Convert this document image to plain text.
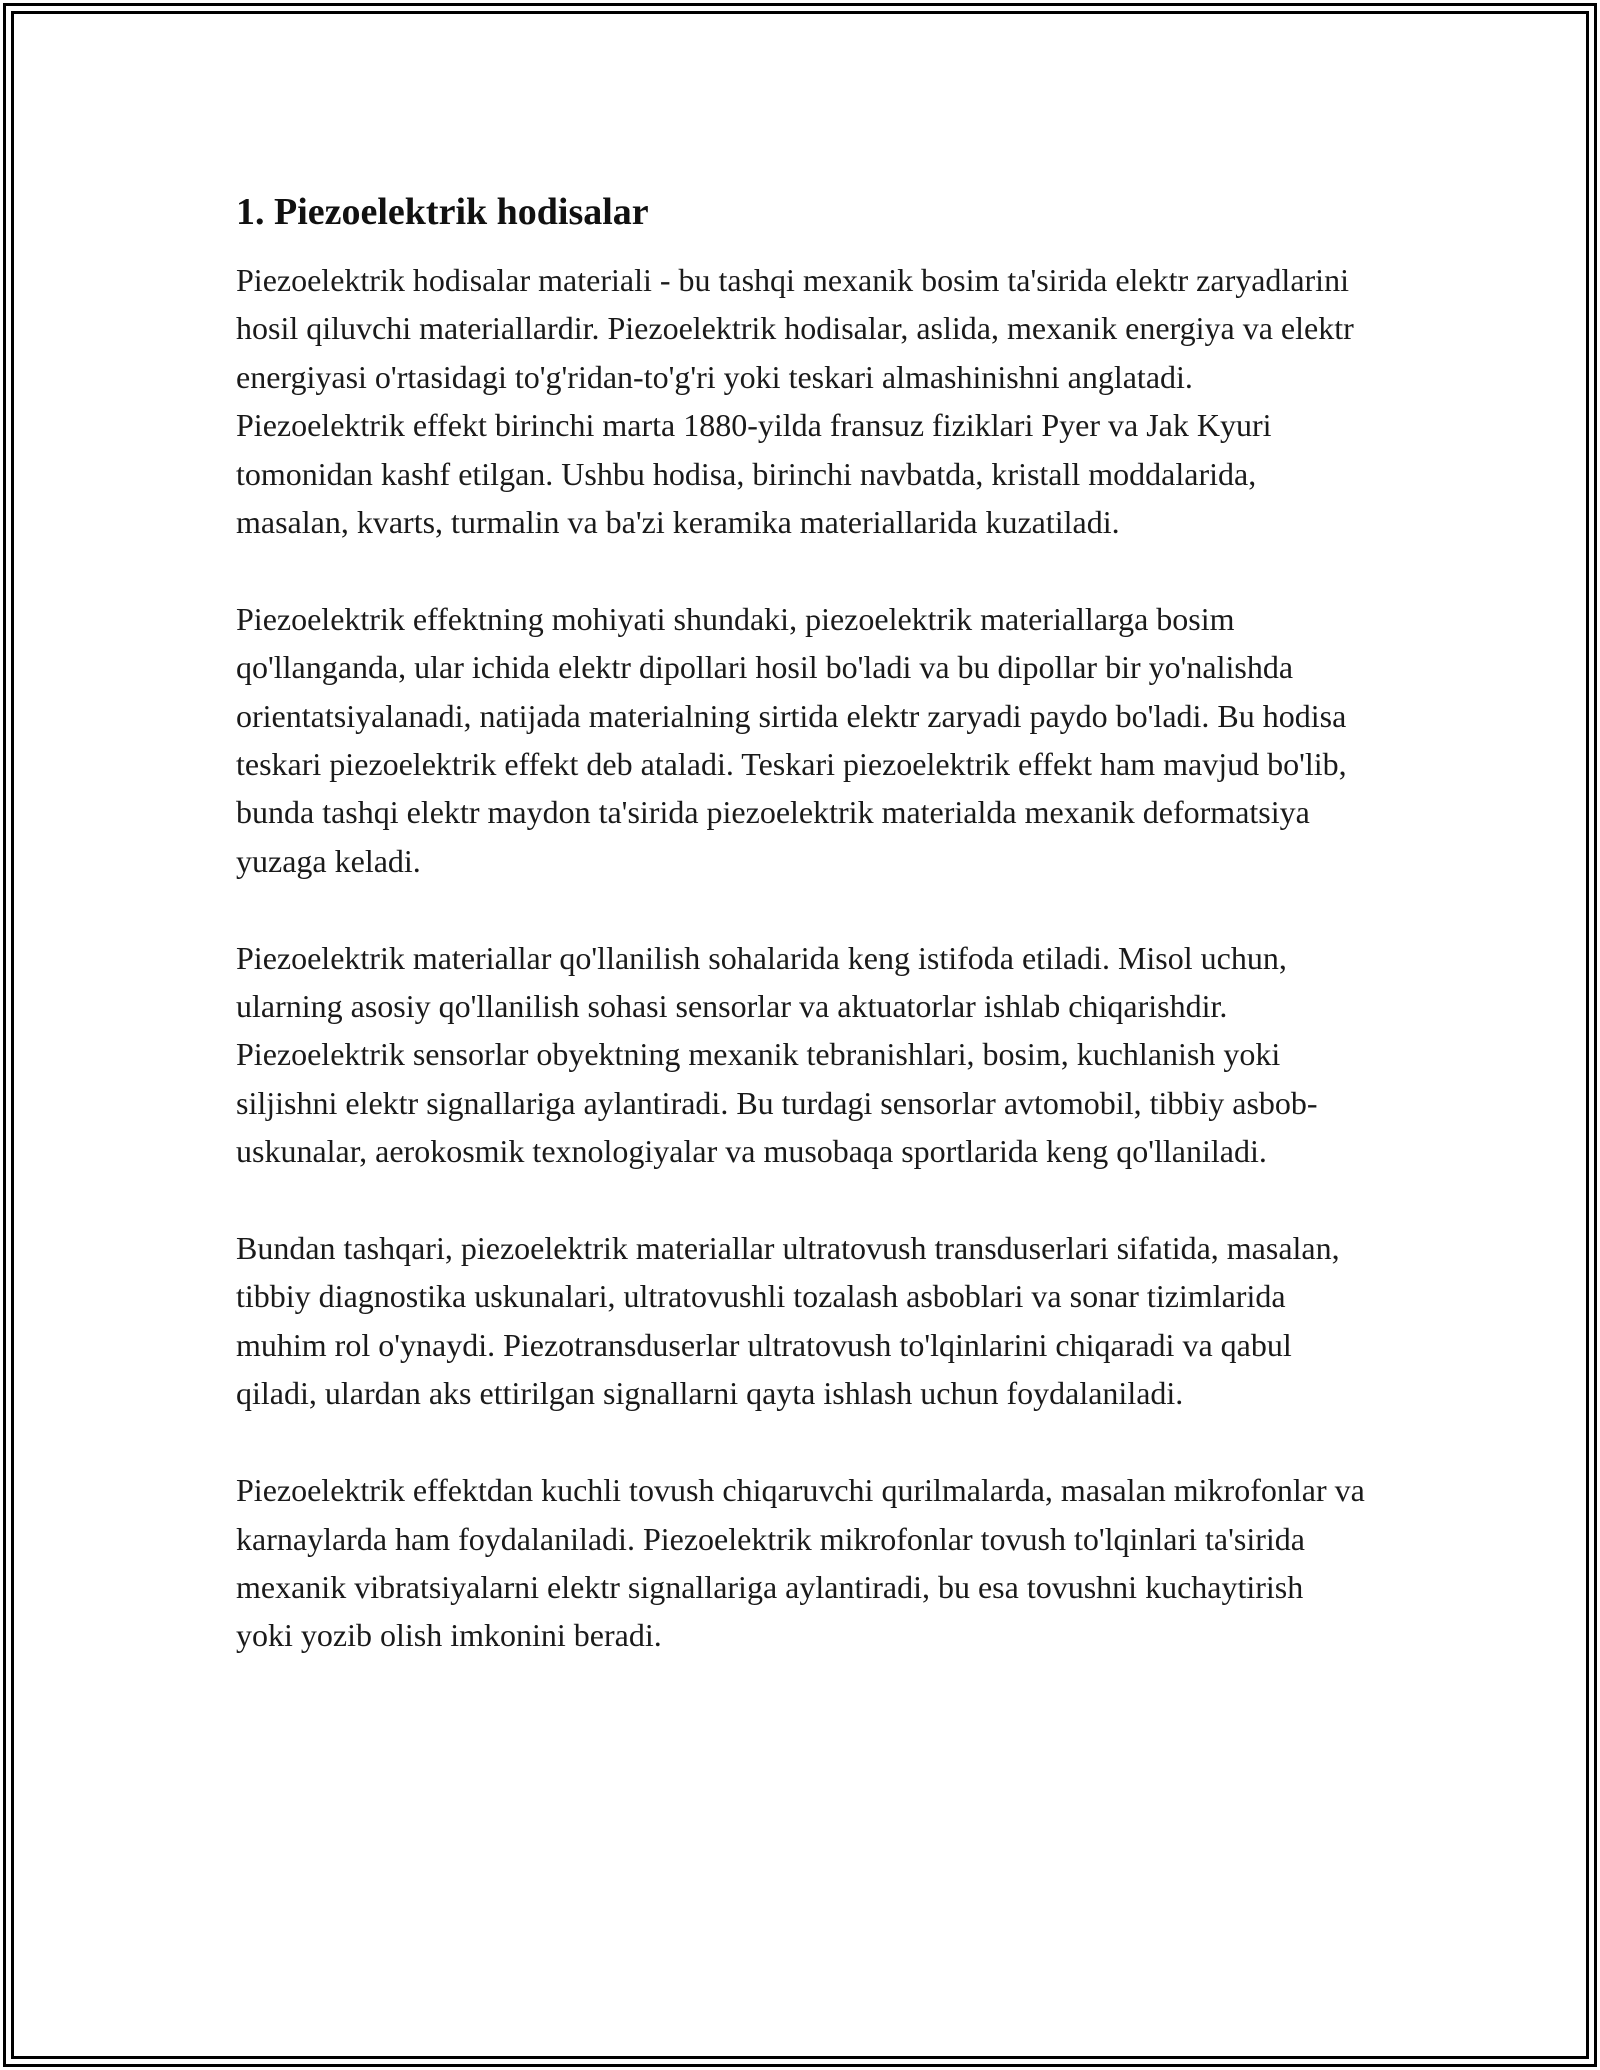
1. Piezoelektrik hodisalar

Piezoelektrik hodisalar materiali - bu tashqi mexanik bosim ta'sirida elektr zaryadlarini hosil qiluvchi materiallardir. Piezoelektrik hodisalar, aslida, mexanik energiya va elektr energiyasi o'rtasidagi to'g'ridan-to'g'ri yoki teskari almashinishni anglatadi. Piezoelektrik effekt birinchi marta 1880-yilda fransuz fiziklari Pyer va Jak Kyuri tomonidan kashf etilgan. Ushbu hodisa, birinchi navbatda, kristall moddalarida, masalan, kvarts, turmalin va ba'zi keramika materiallarida kuzatiladi.

Piezoelektrik effektning mohiyati shundaki, piezoelektrik materiallarga bosim qo'llanganda, ular ichida elektr dipollari hosil bo'ladi va bu dipollar bir yo'nalishda orientatsiyalanadi, natijada materialning sirtida elektr zaryadi paydo bo'ladi. Bu hodisa teskari piezoelektrik effekt deb ataladi. Teskari piezoelektrik effekt ham mavjud bo'lib, bunda tashqi elektr maydon ta'sirida piezoelektrik materialda mexanik deformatsiya yuzaga keladi.

Piezoelektrik materiallar qo'llanilish sohalarida keng istifoda etiladi. Misol uchun, ularning asosiy qo'llanilish sohasi sensorlar va aktuatorlar ishlab chiqarishdir. Piezoelektrik sensorlar obyektning mexanik tebranishlari, bosim, kuchlanish yoki siljishni elektr signallariga aylantiradi. Bu turdagi sensorlar avtomobil, tibbiy asbob-uskunalar, aerokosmik texnologiyalar va musobaqa sportlarida keng qo'llaniladi.

Bundan tashqari, piezoelektrik materiallar ultratovush transduserlari sifatida, masalan, tibbiy diagnostika uskunalari, ultratovushli tozalash asboblari va sonar tizimlarida muhim rol o'ynaydi. Piezotransduserlar ultratovush to'lqinlarini chiqaradi va qabul qiladi, ulardan aks ettirilgan signallarni qayta ishlash uchun foydalaniladi.

Piezoelektrik effektdan kuchli tovush chiqaruvchi qurilmalarda, masalan mikrofonlar va karnaylarda ham foydalaniladi. Piezoelektrik mikrofonlar tovush to'lqinlari ta'sirida mexanik vibratsiyalarni elektr signallariga aylantiradi, bu esa tovushni kuchaytirish yoki yozib olish imkonini beradi.
